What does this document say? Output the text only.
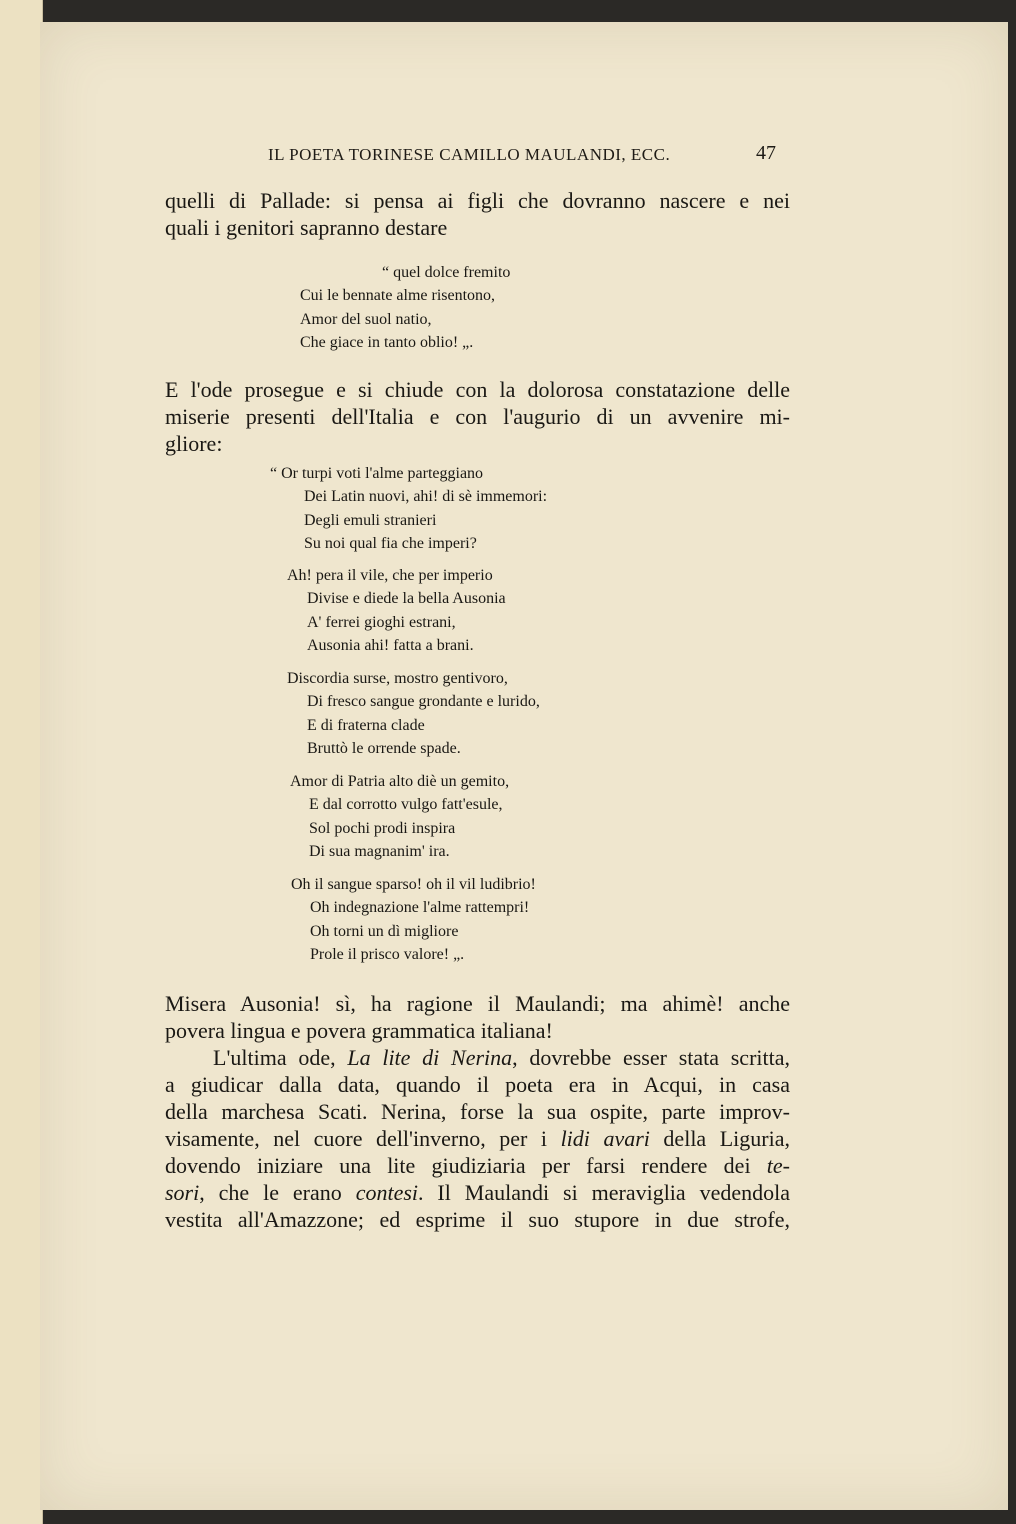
IL POETA TORINESE CAMILLO MAULANDI, ECC.	47
quelli di Pallade: si pensa ai figli che dovranno nascere e nei
quali i genitori sapranno destare
“ quel dolce fremito
Cui le bennate alme risentono,
Amor del suol natio,
Che giace in tanto oblio! „.
E l'ode prosegue e si chiude con la dolorosa constatazione delle
miserie presenti dell'Italia e con l'augurio di un avvenire mi-
gliore:
“ Or turpi voti l'alme parteggiano
Dei Latin nuovi, ahi! di sè immemori:
Degli emuli stranieri
Su noi qual fia che imperi?
Ah! pera il vile, che per imperio
Divise e diede la bella Ausonia
A' ferrei gioghi estrani,
Ausonia ahi! fatta a brani.
Discordia surse, mostro gentivoro,
Di fresco sangue grondante e lurido,
E di fraterna clade
Bruttò le orrende spade.
Amor di Patria alto diè un gemito,
E dal corrotto vulgo fatt'esule,
Sol pochi prodi inspira
Di sua magnanim' ira.
Oh il sangue sparso! oh il vil ludibrio!
Oh indegnazione l'alme rattempri!
Oh torni un dì migliore
Prole il prisco valore! „.
Misera Ausonia! sì, ha ragione il Maulandi; ma ahimè! anche
povera lingua e povera grammatica italiana!
L'ultima ode, La lite di Nerina, dovrebbe esser stata scritta,
a giudicar dalla data, quando il poeta era in Acqui, in casa
della marchesa Scati. Nerina, forse la sua ospite, parte improv-
visamente, nel cuore dell'inverno, per i lidi avari della Liguria,
dovendo iniziare una lite giudiziaria per farsi rendere dei te-
sori, che le erano contesi. Il Maulandi si meraviglia vedendola
vestita all'Amazzone; ed esprime il suo stupore in due strofe,
